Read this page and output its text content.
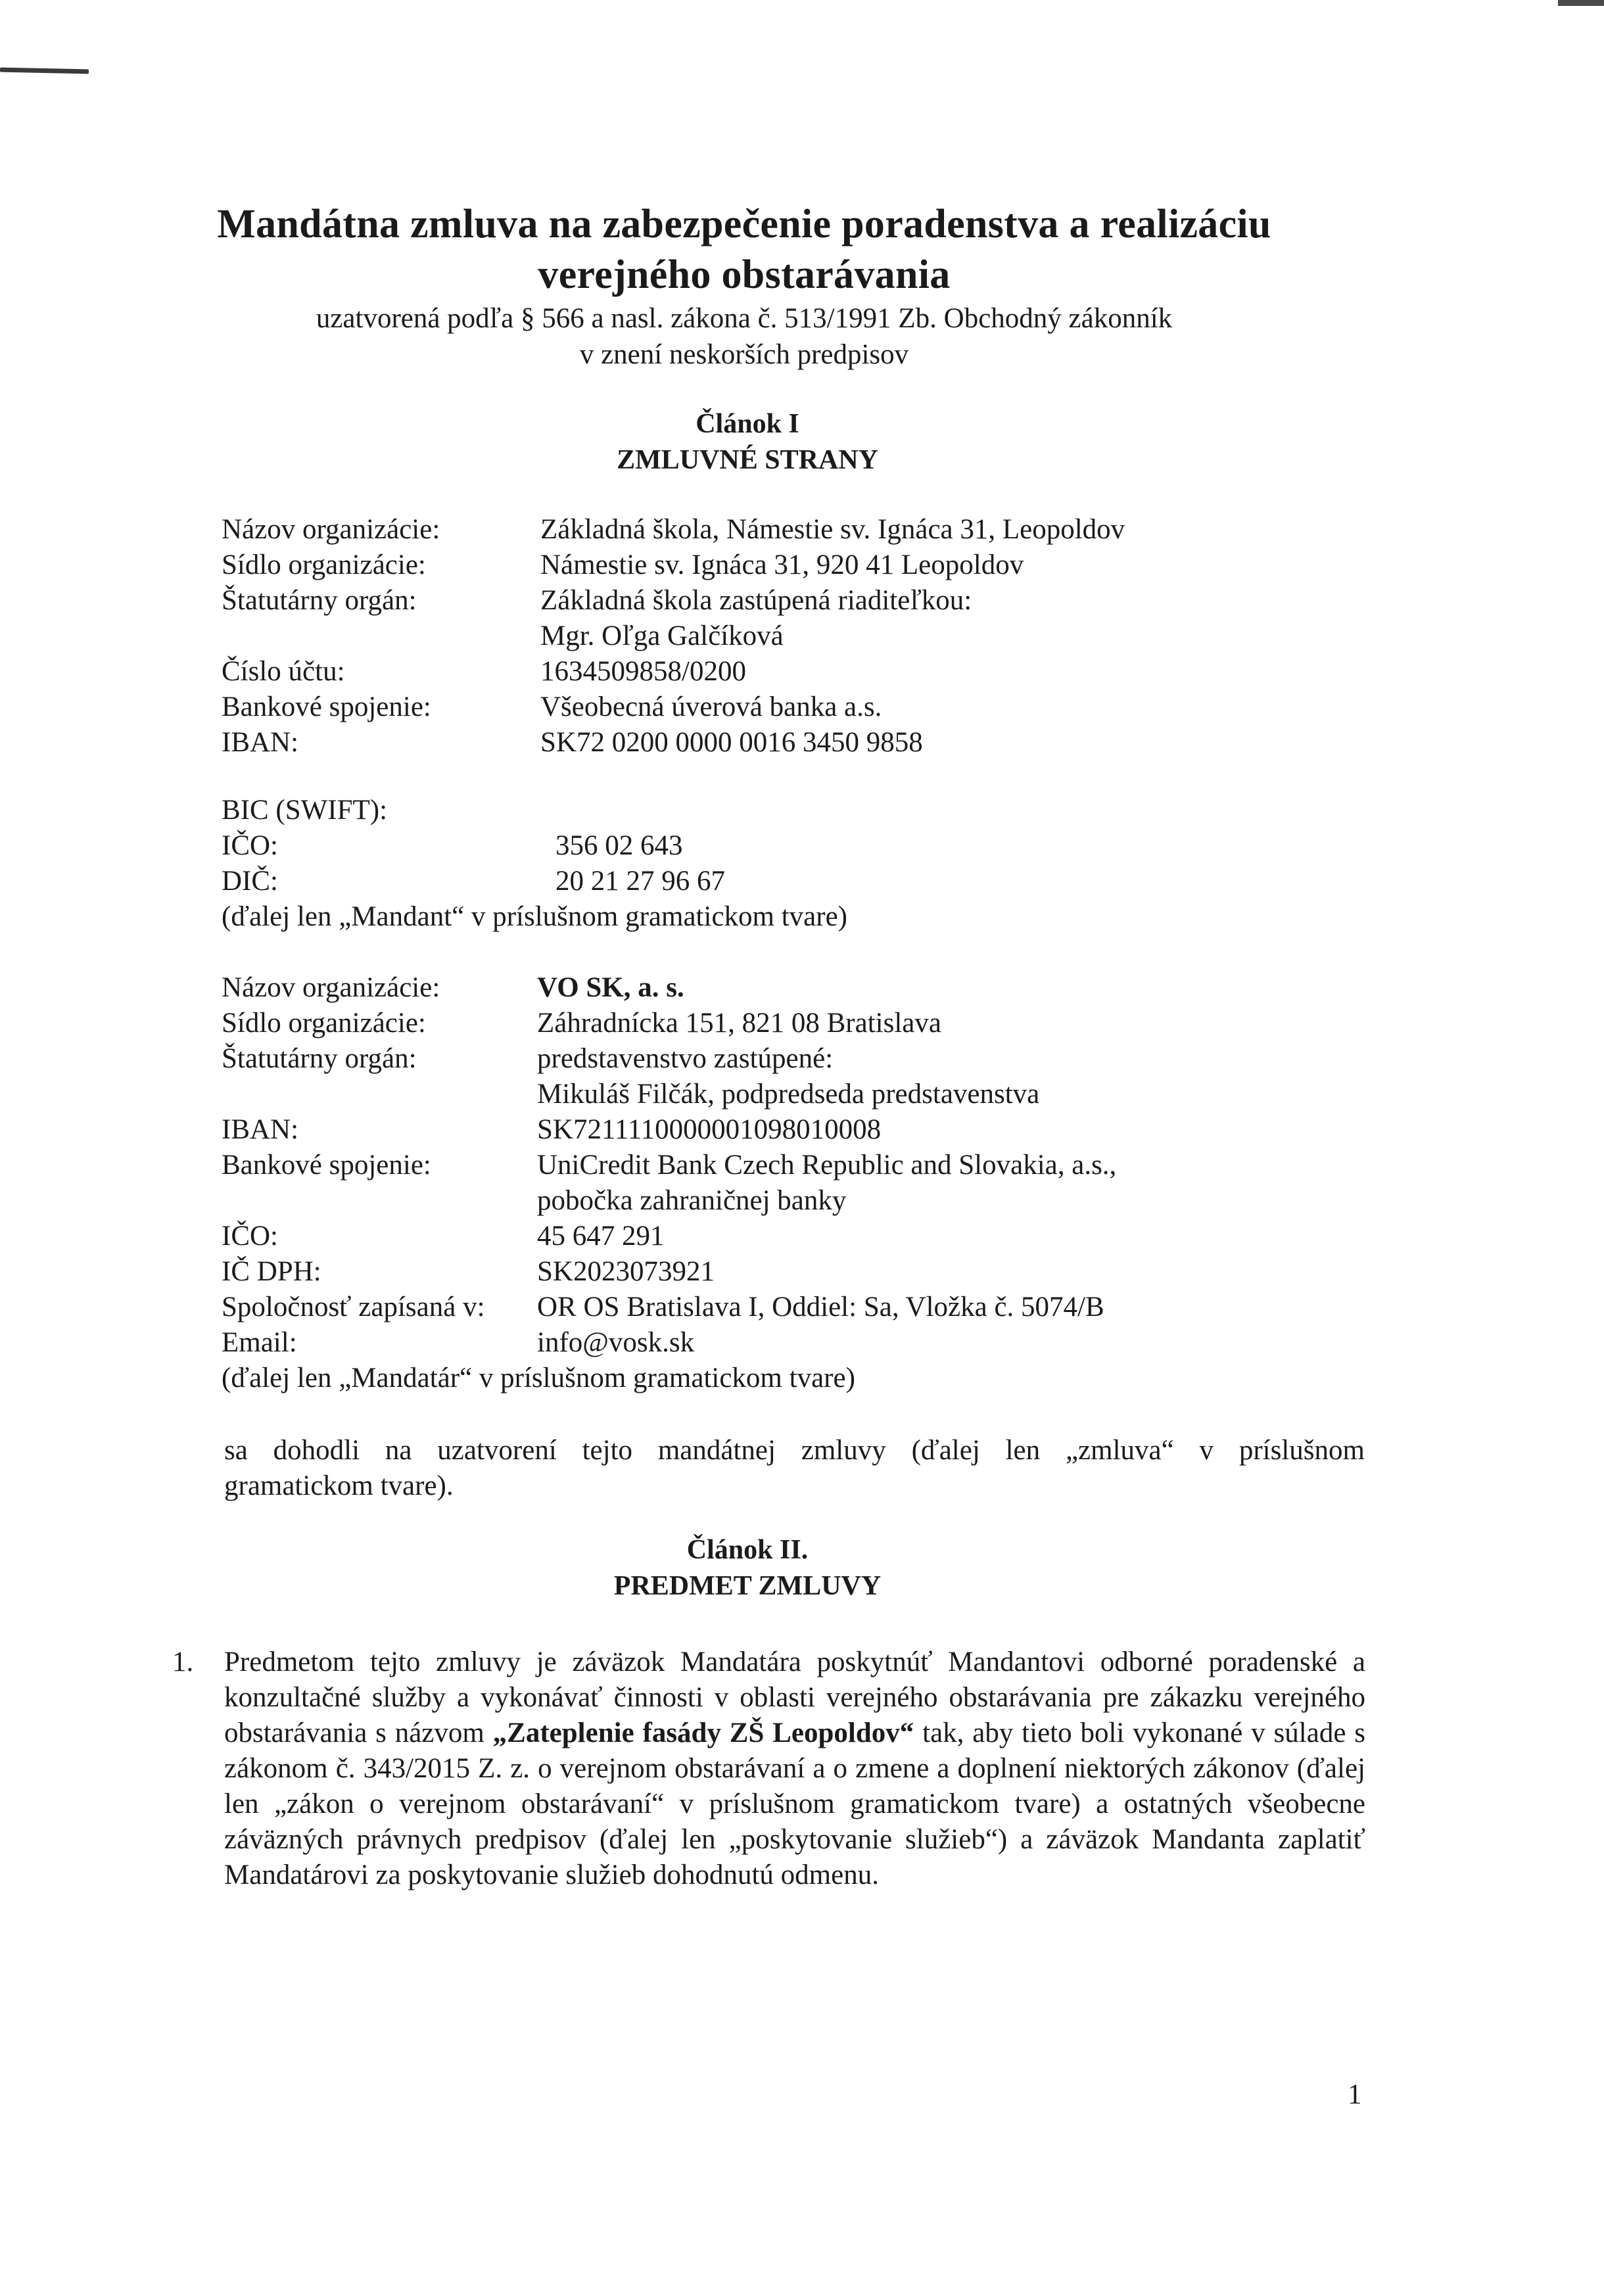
Mandátna zmluva na zabezpečenie poradenstva a realizáciu
verejného obstarávania
uzatvorená podľa § 566 a nasl. zákona č. 513/1991 Zb. Obchodný zákonník
v znení neskorších predpisov
Článok I
ZMLUVNÉ STRANY
Názov organizácie:	Základná škola, Námestie sv. Ignáca 31, Leopoldov
Sídlo organizácie:	Námestie sv. Ignáca 31, 920 41 Leopoldov
Štatutárny orgán:	Základná škola zastúpená riaditeľkou:
Mgr. Oľga Galčíková
Číslo účtu:	1634509858/0200
Bankové spojenie:	Všeobecná úverová banka a.s.
IBAN:	SK72 0200 0000 0016 3450 9858
BIC (SWIFT):
IČO:	356 02 643
DIČ:	20 21 27 96 67
(ďalej len „Mandant“ v príslušnom gramatickom tvare)
Názov organizácie:	VO SK, a. s.
Sídlo organizácie:	Záhradnícka 151, 821 08 Bratislava
Štatutárny orgán:	predstavenstvo zastúpené:
Mikuláš Filčák, podpredseda predstavenstva
IBAN:	SK7211110000001098010008
Bankové spojenie:	UniCredit Bank Czech Republic and Slovakia, a.s.,
pobočka zahraničnej banky
IČO:	45 647 291
IČ DPH:	SK2023073921
Spoločnosť zapísaná v:	OR OS Bratislava I, Oddiel: Sa, Vložka č. 5074/B
Email:	info@vosk.sk
(ďalej len „Mandatár“ v príslušnom gramatickom tvare)
sa dohodli na uzatvorení tejto mandátnej zmluvy (ďalej len „zmluva“ v príslušnom
gramatickom tvare).
Článok II.
PREDMET ZMLUVY
1. Predmetom tejto zmluvy je záväzok Mandatára poskytnúť Mandantovi odborné poradenské a konzultačné služby a vykonávať činnosti v oblasti verejného obstarávania pre zákazku verejného obstarávania s názvom „Zateplenie fasády ZŠ Leopoldov“ tak, aby tieto boli vykonané v súlade s zákonom č. 343/2015 Z. z. o verejnom obstarávaní a o zmene a doplnení niektorých zákonov (ďalej len „zákon o verejnom obstarávaní“ v príslušnom gramatickom tvare) a ostatných všeobecne záväzných právnych predpisov (ďalej len „poskytovanie služieb“) a záväzok Mandanta zaplatiť Mandatárovi za poskytovanie služieb dohodnutú odmenu.
1
